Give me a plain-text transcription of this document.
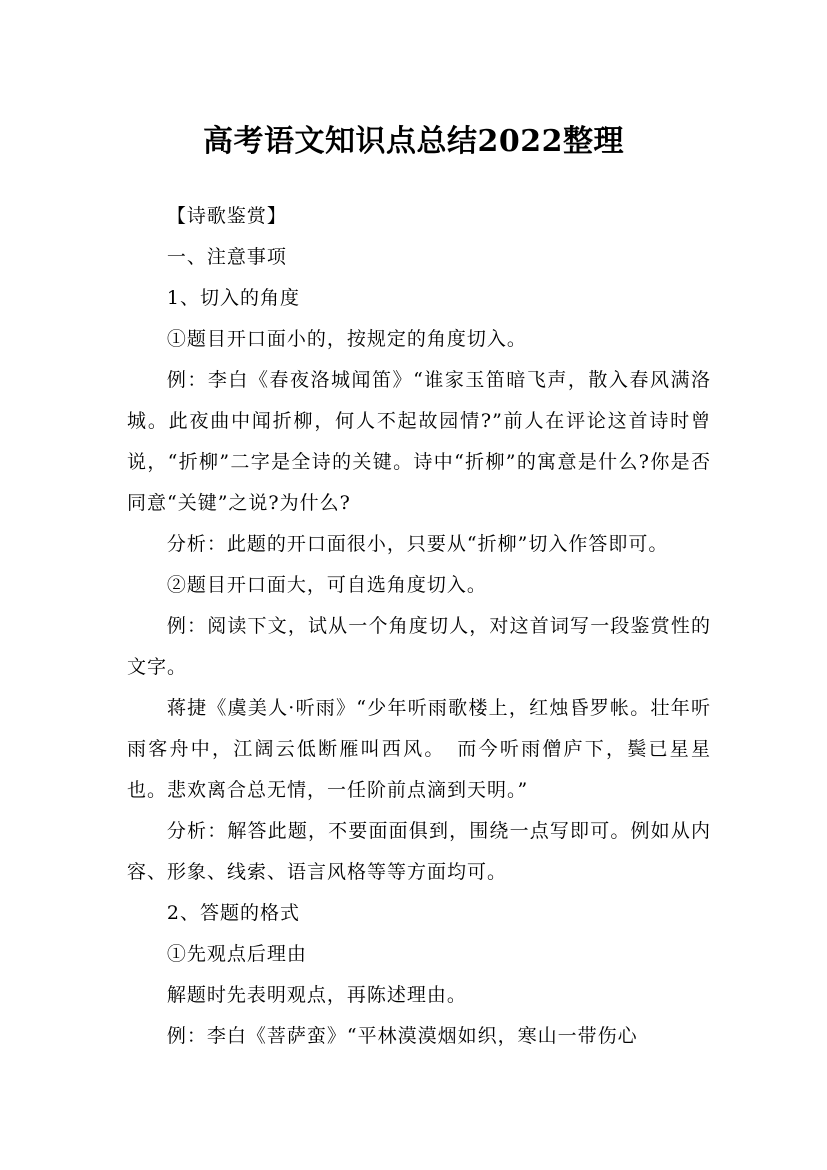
高考语文知识点总结2022整理

【诗歌鉴赏】

一、注意事项

1、切入的角度

①题目开口面小的，按规定的角度切入。

例：李白《春夜洛城闻笛》“谁家玉笛暗飞声，散入春风满洛城。此夜曲中闻折柳，何人不起故园情?”前人在评论这首诗时曾说，“折柳”二字是全诗的关键。诗中“折柳”的寓意是什么?你是否同意“关键”之说?为什么?

分析：此题的开口面很小，只要从“折柳”切入作答即可。

②题目开口面大，可自选角度切入。

例：阅读下文，试从一个角度切人，对这首词写一段鉴赏性的文字。

蒋捷《虞美人·听雨》“少年听雨歌楼上，红烛昏罗帐。壮年听雨客舟中，江阔云低断雁叫西风。　而今听雨僧庐下，鬓已星星也。悲欢离合总无情，一任阶前点滴到天明。”

分析：解答此题，不要面面俱到，围绕一点写即可。例如从内容、形象、线索、语言风格等等方面均可。

2、答题的格式

①先观点后理由

解题时先表明观点，再陈述理由。

例：李白《菩萨蛮》“平林漠漠烟如织，寒山一带伤心
